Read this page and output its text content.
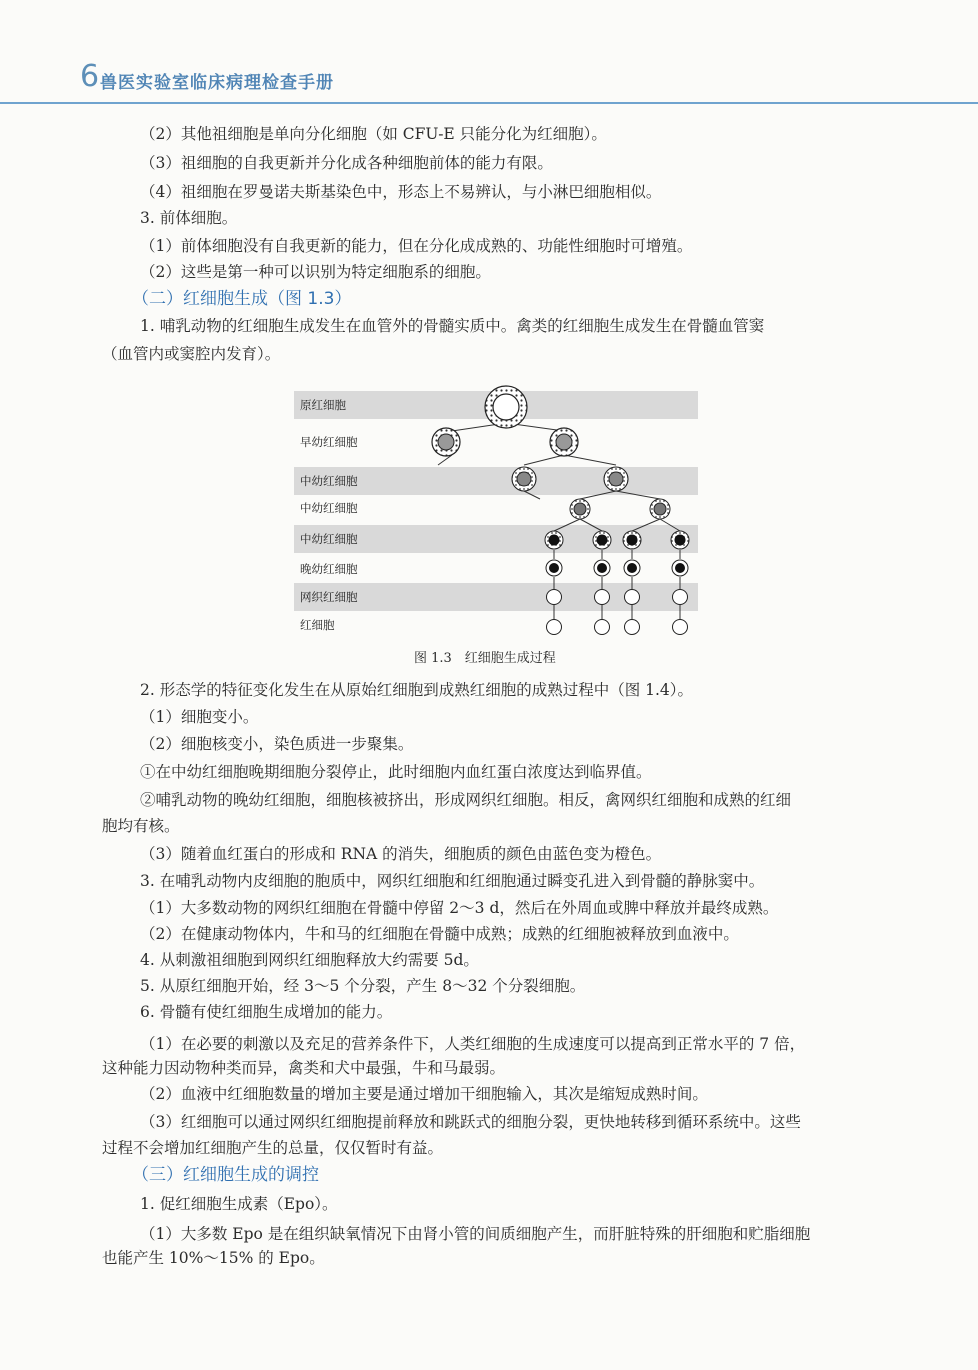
6 兽医实验室临床病理检查手册
（2）其他祖细胞是单向分化细胞（如 CFU-E 只能分化为红细胞）。
（3）祖细胞的自我更新并分化成各种细胞前体的能力有限。
（4）祖细胞在罗曼诺夫斯基染色中，形态上不易辨认，与小淋巴细胞相似。
3. 前体细胞。
（1）前体细胞没有自我更新的能力，但在分化成成熟的、功能性细胞时可增殖。
（2）这些是第一种可以识别为特定细胞系的细胞。
（二）红细胞生成（图 1.3）
1. 哺乳动物的红细胞生成发生在血管外的骨髓实质中。禽类的红细胞生成发生在骨髓血管窦
（血管内或窦腔内发育）。
原红细胞
早幼红细胞
中幼红细胞
中幼红细胞
中幼红细胞
晚幼红细胞
网织红细胞
红细胞
图 1.3　红细胞生成过程
2. 形态学的特征变化发生在从原始红细胞到成熟红细胞的成熟过程中（图 1.4）。
（1）细胞变小。
（2）细胞核变小，染色质进一步聚集。
①在中幼红细胞晚期细胞分裂停止，此时细胞内血红蛋白浓度达到临界值。
②哺乳动物的晚幼红细胞，细胞核被挤出，形成网织红细胞。相反，禽网织红细胞和成熟的红细
胞均有核。
（3）随着血红蛋白的形成和 RNA 的消失，细胞质的颜色由蓝色变为橙色。
3. 在哺乳动物内皮细胞的胞质中，网织红细胞和红细胞通过瞬变孔进入到骨髓的静脉窦中。
（1）大多数动物的网织红细胞在骨髓中停留 2～3 d，然后在外周血或脾中释放并最终成熟。
（2）在健康动物体内，牛和马的红细胞在骨髓中成熟；成熟的红细胞被释放到血液中。
4. 从刺激祖细胞到网织红细胞释放大约需要 5d。
5. 从原红细胞开始，经 3～5 个分裂，产生 8～32 个分裂细胞。
6. 骨髓有使红细胞生成增加的能力。
（1）在必要的刺激以及充足的营养条件下，人类红细胞的生成速度可以提高到正常水平的 7 倍，
这种能力因动物种类而异，禽类和犬中最强，牛和马最弱。
（2）血液中红细胞数量的增加主要是通过增加干细胞输入，其次是缩短成熟时间。
（3）红细胞可以通过网织红细胞提前释放和跳跃式的细胞分裂，更快地转移到循环系统中。这些
过程不会增加红细胞产生的总量，仅仅暂时有益。
（三）红细胞生成的调控
1. 促红细胞生成素（Epo）。
（1）大多数 Epo 是在组织缺氧情况下由肾小管的间质细胞产生，而肝脏特殊的肝细胞和贮脂细胞
也能产生 10%～15% 的 Epo。
